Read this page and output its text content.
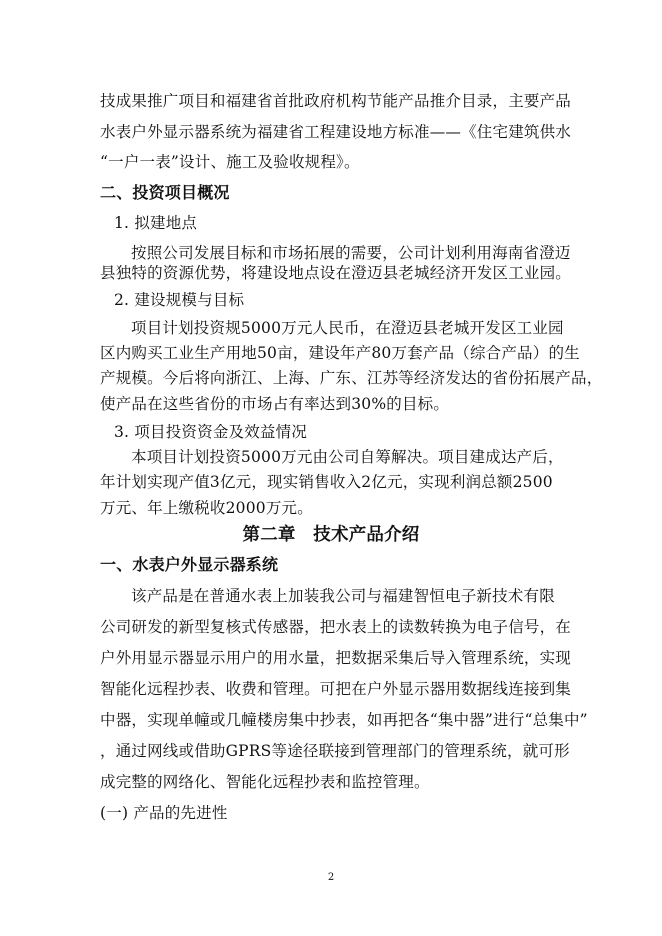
技成果推广项目和福建省首批政府机构节能产品推介目录，主要产品
水表户外显示器系统为福建省工程建设地方标准——《住宅建筑供水
“一户一表”设计、施工及验收规程》。
二、投资项目概况
1. 拟建地点
按照公司发展目标和市场拓展的需要，公司计划利用海南省澄迈
县独特的资源优势，将建设地点设在澄迈县老城经济开发区工业园。
2. 建设规模与目标
项目计划投资规5000万元人民币，在澄迈县老城开发区工业园
区内购买工业生产用地50亩，建设年产80万套产品（综合产品）的生
产规模。今后将向浙江、上海、广东、江苏等经济发达的省份拓展产品，
使产品在这些省份的市场占有率达到30%的目标。
3. 项目投资资金及效益情况
本项目计划投资5000万元由公司自筹解决。项目建成达产后，
年计划实现产值3亿元，现实销售收入2亿元，实现利润总额2500
万元、年上缴税收2000万元。
第二章　技术产品介绍
一、水表户外显示器系统
该产品是在普通水表上加装我公司与福建智恒电子新技术有限
公司研发的新型复核式传感器，把水表上的读数转换为电子信号，在
户外用显示器显示用户的用水量，把数据采集后导入管理系统，实现
智能化远程抄表、收费和管理。可把在户外显示器用数据线连接到集
中器，实现单幢或几幢楼房集中抄表，如再把各“集中器”进行“总集中”
，通过网线或借助GPRS等途径联接到管理部门的管理系统，就可形
成完整的网络化、智能化远程抄表和监控管理。
(一) 产品的先进性
2
